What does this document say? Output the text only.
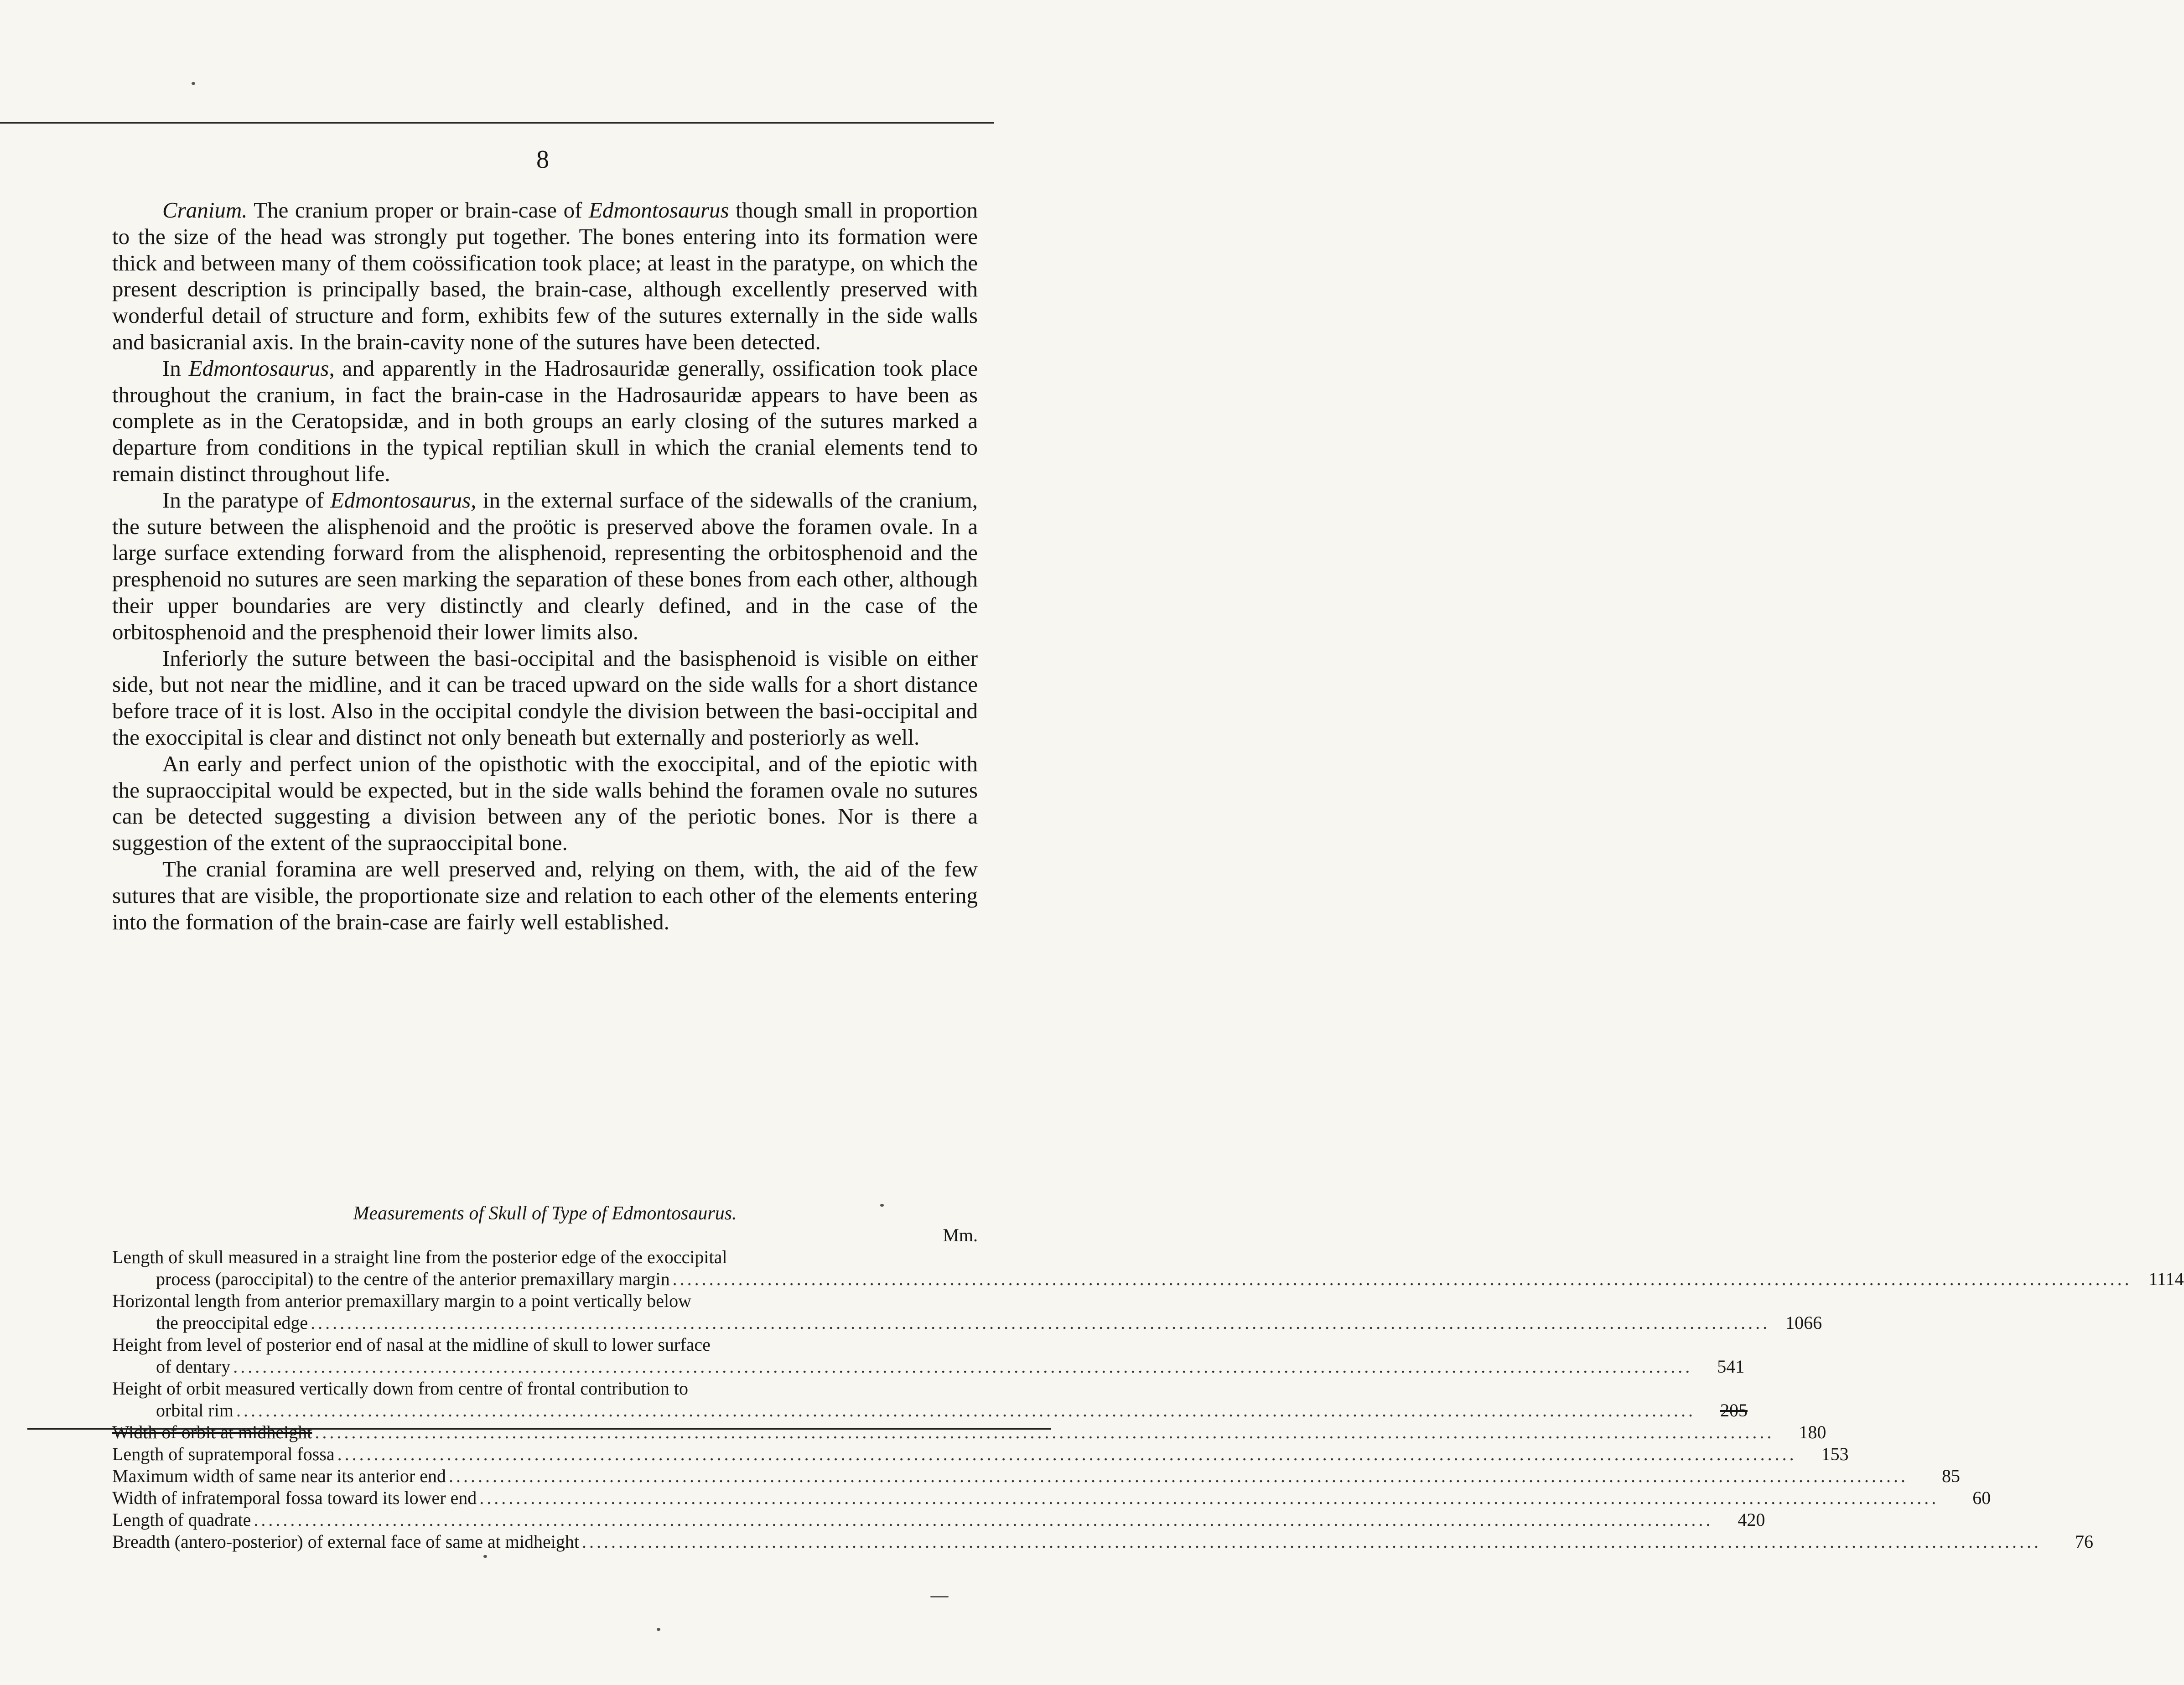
8

Cranium. The cranium proper or brain-case of Edmontosaurus though small in proportion to the size of the head was strongly put together. The bones entering into its formation were thick and between many of them coössification took place; at least in the paratype, on which the present description is principally based, the brain-case, although excellently preserved with wonderful detail of structure and form, exhibits few of the sutures externally in the side walls and basicranial axis. In the brain-cavity none of the sutures have been detected.

In Edmontosaurus, and apparently in the Hadrosauridæ generally, ossification took place throughout the cranium, in fact the brain-case in the Hadrosauridæ appears to have been as complete as in the Ceratopsidæ, and in both groups an early closing of the sutures marked a departure from conditions in the typical reptilian skull in which the cranial elements tend to remain distinct throughout life.

In the paratype of Edmontosaurus, in the external surface of the sidewalls of the cranium, the suture between the alisphenoid and the proötic is preserved above the foramen ovale. In a large surface extending forward from the alisphenoid, representing the orbitosphenoid and the presphenoid no sutures are seen marking the separation of these bones from each other, although their upper boundaries are very distinctly and clearly defined, and in the case of the orbitosphenoid and the presphenoid their lower limits also.

Inferiorly the suture between the basi-occipital and the basisphenoid is visible on either side, but not near the midline, and it can be traced upward on the side walls for a short distance before trace of it is lost. Also in the occipital condyle the division between the basi-occipital and the exoccipital is clear and distinct not only beneath but externally and posteriorly as well.

An early and perfect union of the opisthotic with the exoccipital, and of the epiotic with the supraoccipital would be expected, but in the side walls behind the foramen ovale no sutures can be detected suggesting a division between any of the periotic bones. Nor is there a suggestion of the extent of the supraoccipital bone.

The cranial foramina are well preserved and, relying on them, with, the aid of the few sutures that are visible, the proportionate size and relation to each other of the elements entering into the formation of the brain-case are fairly well established.

Measurements of Skull of Type of Edmontosaurus.
Mm.
Length of skull measured in a straight line from the posterior edge of the exoccipital
process (paroccipital) to the centre of the anterior premaxillary margin ........................................................................................................................................................................................................ 1114
Horizontal length from anterior premaxillary margin to a point vertically below
the preoccipital edge ........................................................................................................................................................................................................ 1066
Height from level of posterior end of nasal at the midline of skull to lower surface
of dentary ........................................................................................................................................................................................................	541
Height of orbit measured vertically down from centre of frontal contribution to
orbital rim ........................................................................................................................................................................................................	205
Width of orbit at midheight ........................................................................................................................................................................................................	180
Length of supratemporal fossa ........................................................................................................................................................................................................	153
Maximum width of same near its anterior end ........................................................................................................................................................................................................	85
Width of infratemporal fossa toward its lower end ........................................................................................................................................................................................................	60
Length of quadrate ........................................................................................................................................................................................................	420
Breadth (antero-posterior) of external face of same at midheight ........................................................................................................................................................................................................	76
